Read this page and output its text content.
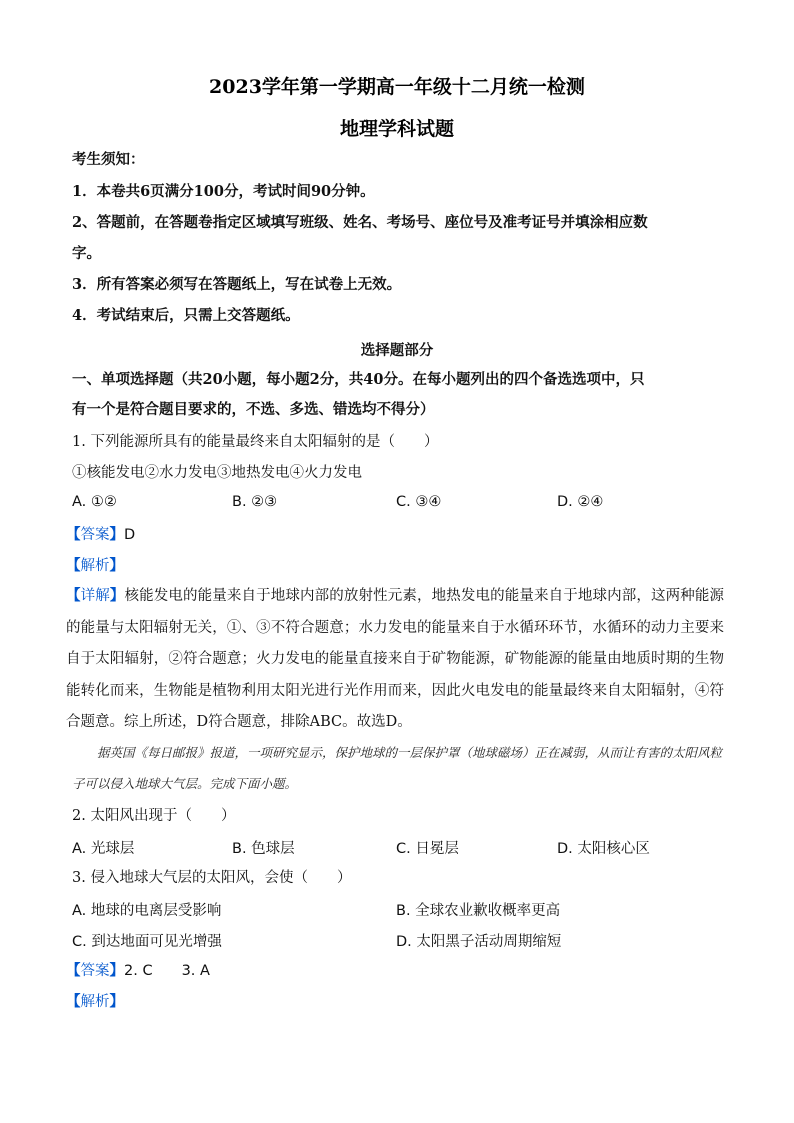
2023学年第一学期高一年级十二月统一检测
地理学科试题
考生须知：
1．本卷共6页满分100分，考试时间90分钟。
2、答题前，在答题卷指定区域填写班级、姓名、考场号、座位号及准考证号并填涂相应数
字。
3．所有答案必须写在答题纸上，写在试卷上无效。
4．考试结束后，只需上交答题纸。
选择题部分
一、单项选择题（共20小题，每小题2分，共40分。在每小题列出的四个备选选项中，只
有一个是符合题目要求的，不选、多选、错选均不得分）
1. 下列能源所具有的能量最终来自太阳辐射的是（　　）
①核能发电②水力发电③地热发电④火力发电
A. ①②	B. ②③	C. ③④	D. ②④
【答案】D
【解析】
【详解】核能发电的能量来自于地球内部的放射性元素，地热发电的能量来自于地球内部，这两种能源的能量与太阳辐射无关，①、③不符合题意；水力发电的能量来自于水循环环节，水循环的动力主要来自于太阳辐射，②符合题意；火力发电的能量直接来自于矿物能源，矿物能源的能量由地质时期的生物能转化而来，生物能是植物利用太阳光进行光作用而来，因此火电发电的能量最终来自太阳辐射，④符合题意。综上所述，D符合题意，排除ABC。故选D。
据英国《每日邮报》报道，一项研究显示，保护地球的一层保护罩（地球磁场）正在减弱，从而让有害的太阳风粒子可以侵入地球大气层。完成下面小题。
2. 太阳风出现于（　　）
A. 光球层	B. 色球层	C. 日冕层	D. 太阳核心区
3. 侵入地球大气层的太阳风，会使（　　）
A. 地球的电离层受影响	B. 全球农业歉收概率更高
C. 到达地面可见光增强	D. 太阳黑子活动周期缩短
【答案】2. C　　3. A
【解析】
